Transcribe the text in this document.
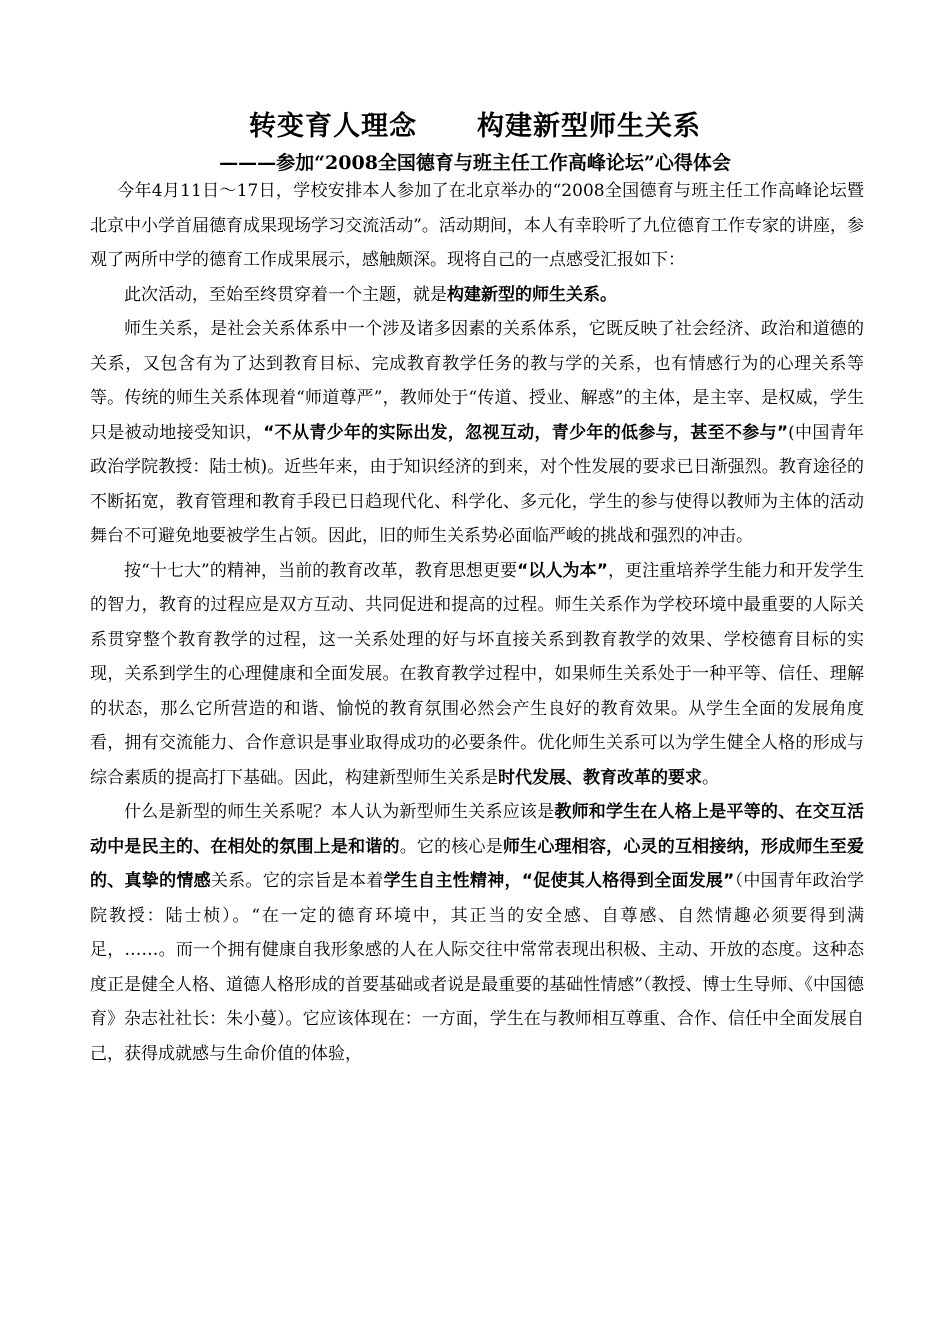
转变育人理念 构建新型师生关系
———参加“2008全国德育与班主任工作高峰论坛”心得体会

今年4月11日～17日，学校安排本人参加了在北京举办的“2008全国德育与班主任工作高峰论坛暨北京中小学首届德育成果现场学习交流活动”。活动期间，本人有幸聆听了九位德育工作专家的讲座，参观了两所中学的德育工作成果展示，感触颇深。现将自己的一点感受汇报如下：

此次活动，至始至终贯穿着一个主题，就是构建新型的师生关系。

师生关系，是社会关系体系中一个涉及诸多因素的关系体系，它既反映了社会经济、政治和道德的关系，又包含有为了达到教育目标、完成教育教学任务的教与学的关系，也有情感行为的心理关系等等。传统的师生关系体现着“师道尊严”，教师处于“传道、授业、解惑”的主体，是主宰、是权威，学生只是被动地接受知识，“不从青少年的实际出发，忽视互动，青少年的低参与，甚至不参与”(中国青年政治学院教授：陆士桢)。近些年来，由于知识经济的到来，对个性发展的要求已日渐强烈。教育途径的不断拓宽，教育管理和教育手段已日趋现代化、科学化、多元化，学生的参与使得以教师为主体的活动舞台不可避免地要被学生占领。因此，旧的师生关系势必面临严峻的挑战和强烈的冲击。

按“十七大”的精神，当前的教育改革，教育思想更要“以人为本”，更注重培养学生能力和开发学生的智力，教育的过程应是双方互动、共同促进和提高的过程。师生关系作为学校环境中最重要的人际关系贯穿整个教育教学的过程，这一关系处理的好与坏直接关系到教育教学的效果、学校德育目标的实现，关系到学生的心理健康和全面发展。在教育教学过程中，如果师生关系处于一种平等、信任、理解的状态，那么它所营造的和谐、愉悦的教育氛围必然会产生良好的教育效果。从学生全面的发展角度看，拥有交流能力、合作意识是事业取得成功的必要条件。优化师生关系可以为学生健全人格的形成与综合素质的提高打下基础。因此，构建新型师生关系是时代发展、教育改革的要求。

什么是新型的师生关系呢？本人认为新型师生关系应该是教师和学生在人格上是平等的、在交互活动中是民主的、在相处的氛围上是和谐的。它的核心是师生心理相容，心灵的互相接纳，形成师生至爱的、真挚的情感关系。它的宗旨是本着学生自主性精神，“促使其人格得到全面发展”（中国青年政治学院教授：陆士桢）。“在一定的德育环境中，其正当的安全感、自尊感、自然情趣必须要得到满足，……。而一个拥有健康自我形象感的人在人际交往中常常表现出积极、主动、开放的态度。这种态度正是健全人格、道德人格形成的首要基础或者说是最重要的基础性情感”（教授、博士生导师、《中国德育》杂志社社长：朱小蔓）。它应该体现在：一方面，学生在与教师相互尊重、合作、信任中全面发展自己，获得成就感与生命价值的体验，
